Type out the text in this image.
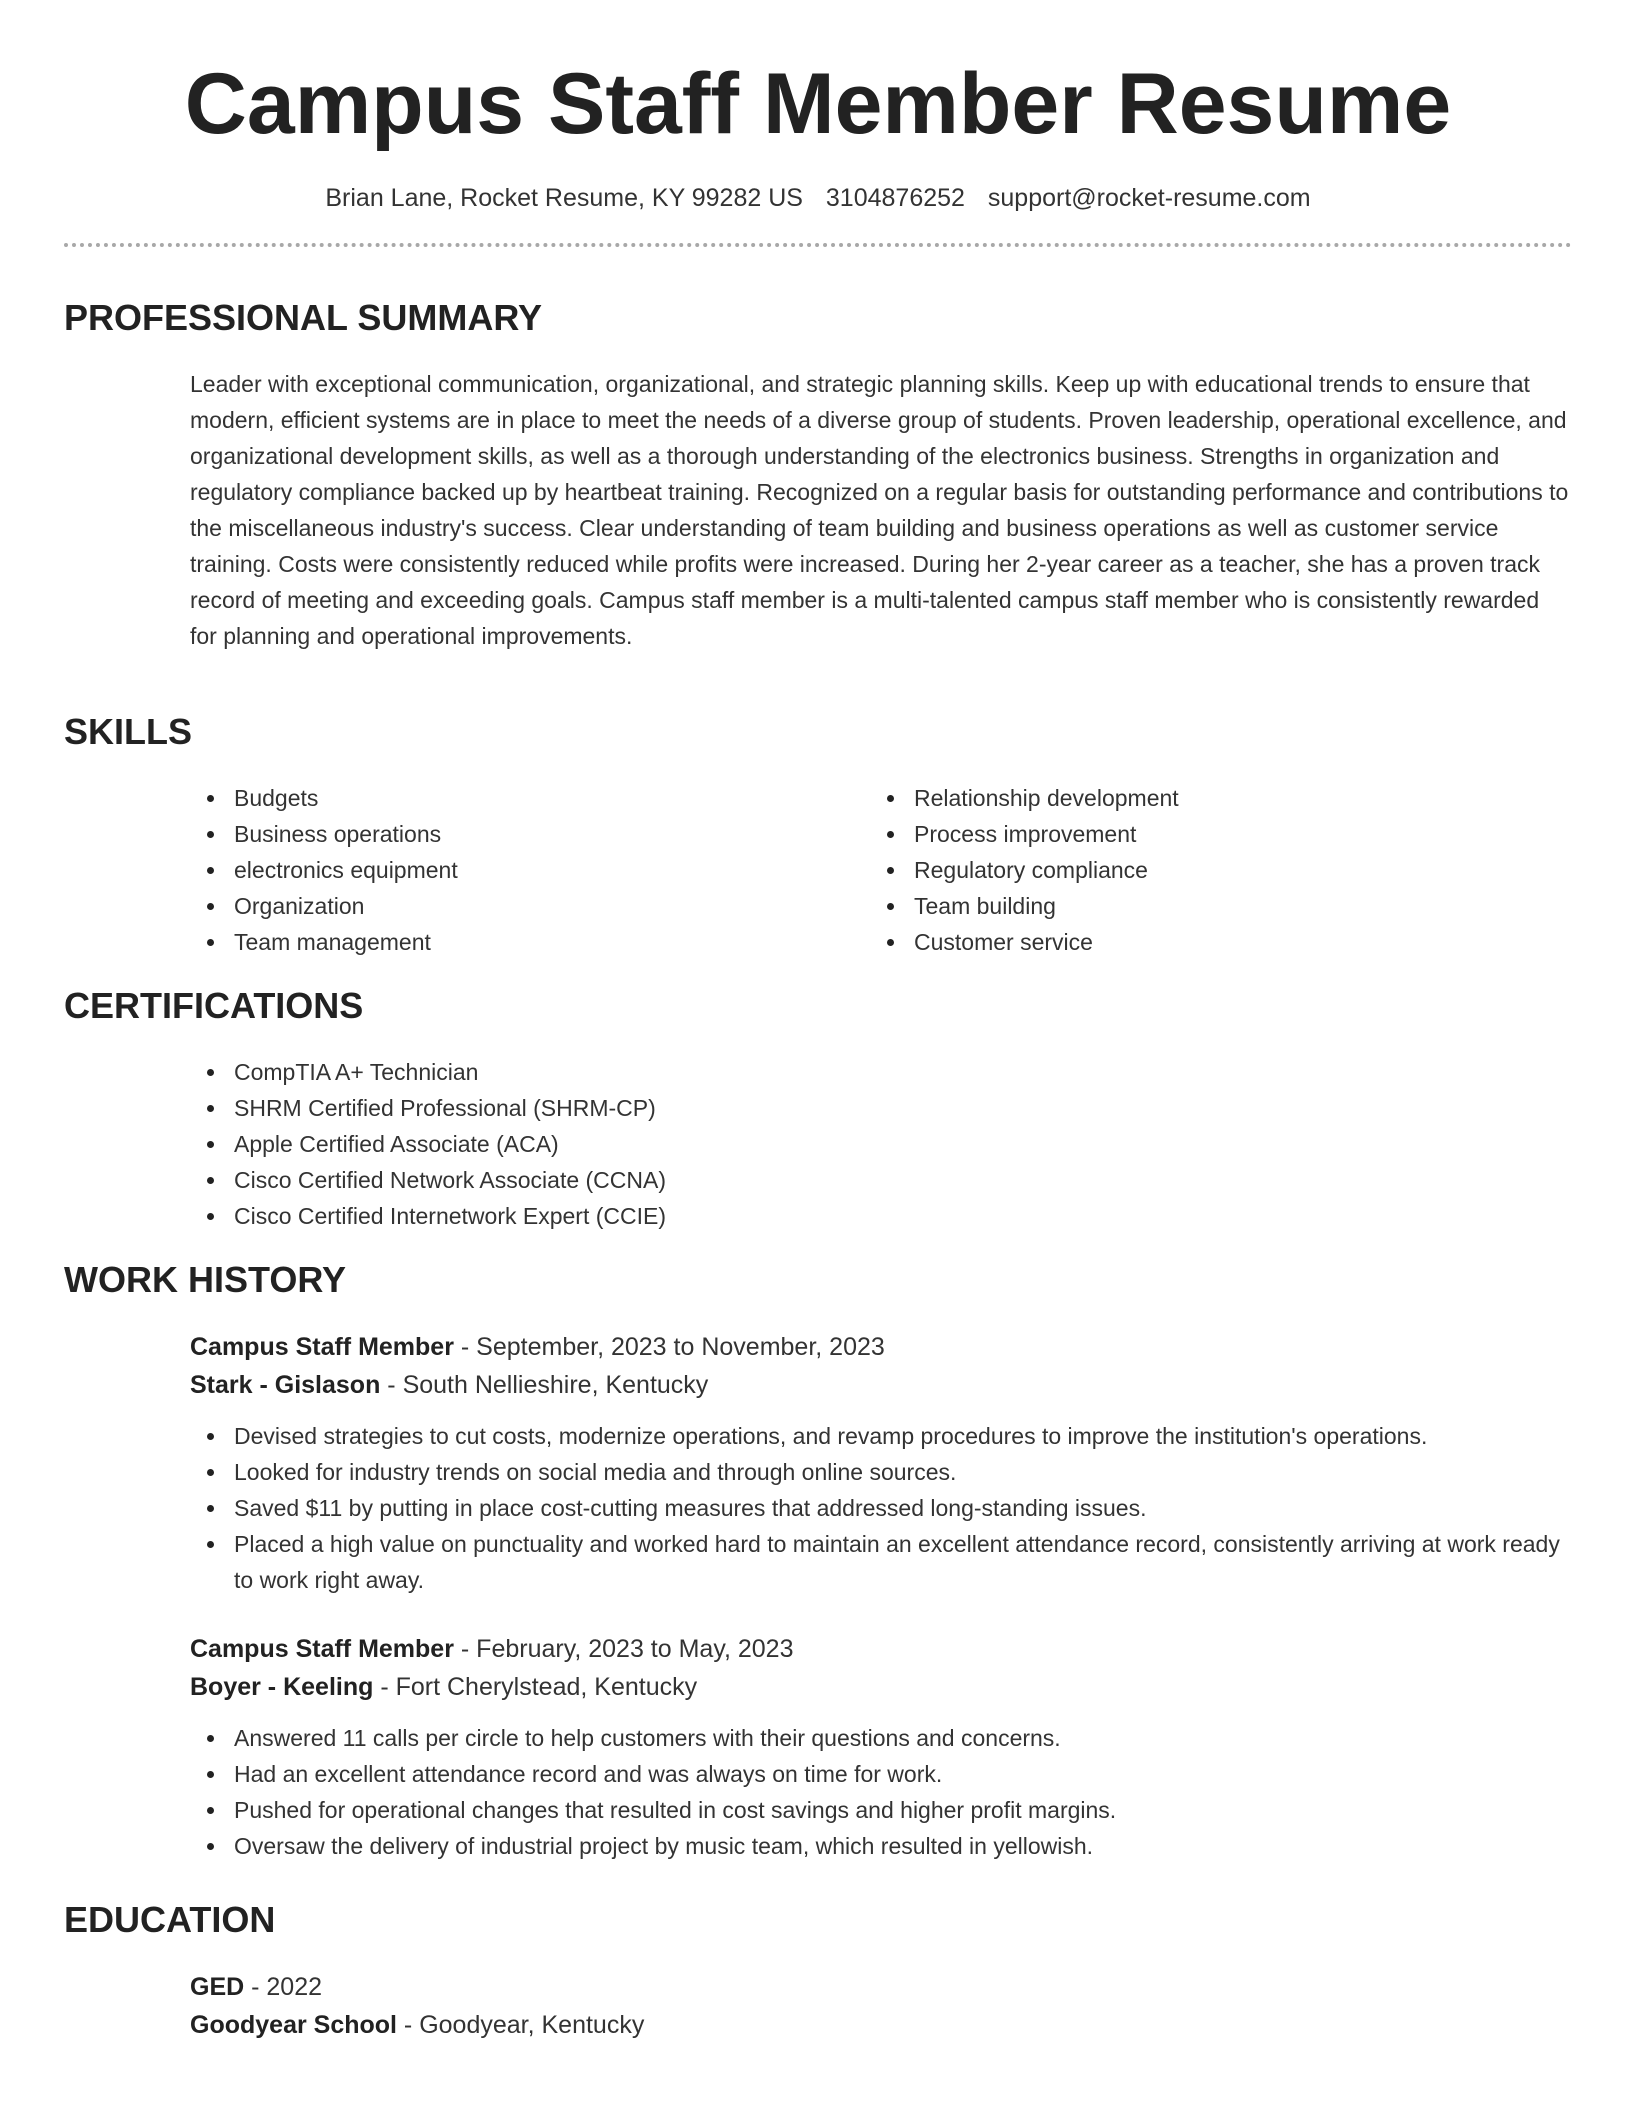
Campus Staff Member Resume
Brian Lane, Rocket Resume, KY 99282 US 3104876252 support@rocket-resume.com
PROFESSIONAL SUMMARY
Leader with exceptional communication, organizational, and strategic planning skills. Keep up with educational trends to ensure that modern, efficient systems are in place to meet the needs of a diverse group of students. Proven leadership, operational excellence, and organizational development skills, as well as a thorough understanding of the electronics business. Strengths in organization and regulatory compliance backed up by heartbeat training. Recognized on a regular basis for outstanding performance and contributions to the miscellaneous industry's success. Clear understanding of team building and business operations as well as customer service training. Costs were consistently reduced while profits were increased. During her 2-year career as a teacher, she has a proven track record of meeting and exceeding goals. Campus staff member is a multi-talented campus staff member who is consistently rewarded for planning and operational improvements.
SKILLS
Budgets
Business operations
electronics equipment
Organization
Team management
Relationship development
Process improvement
Regulatory compliance
Team building
Customer service
CERTIFICATIONS
CompTIA A+ Technician
SHRM Certified Professional (SHRM-CP)
Apple Certified Associate (ACA)
Cisco Certified Network Associate (CCNA)
Cisco Certified Internetwork Expert (CCIE)
WORK HISTORY
Campus Staff Member - September, 2023 to November, 2023
Stark - Gislason - South Nellieshire, Kentucky
Devised strategies to cut costs, modernize operations, and revamp procedures to improve the institution's operations.
Looked for industry trends on social media and through online sources.
Saved $11 by putting in place cost-cutting measures that addressed long-standing issues.
Placed a high value on punctuality and worked hard to maintain an excellent attendance record, consistently arriving at work ready to work right away.
Campus Staff Member - February, 2023 to May, 2023
Boyer - Keeling - Fort Cherylstead, Kentucky
Answered 11 calls per circle to help customers with their questions and concerns.
Had an excellent attendance record and was always on time for work.
Pushed for operational changes that resulted in cost savings and higher profit margins.
Oversaw the delivery of industrial project by music team, which resulted in yellowish.
EDUCATION
GED - 2022
Goodyear School - Goodyear, Kentucky
